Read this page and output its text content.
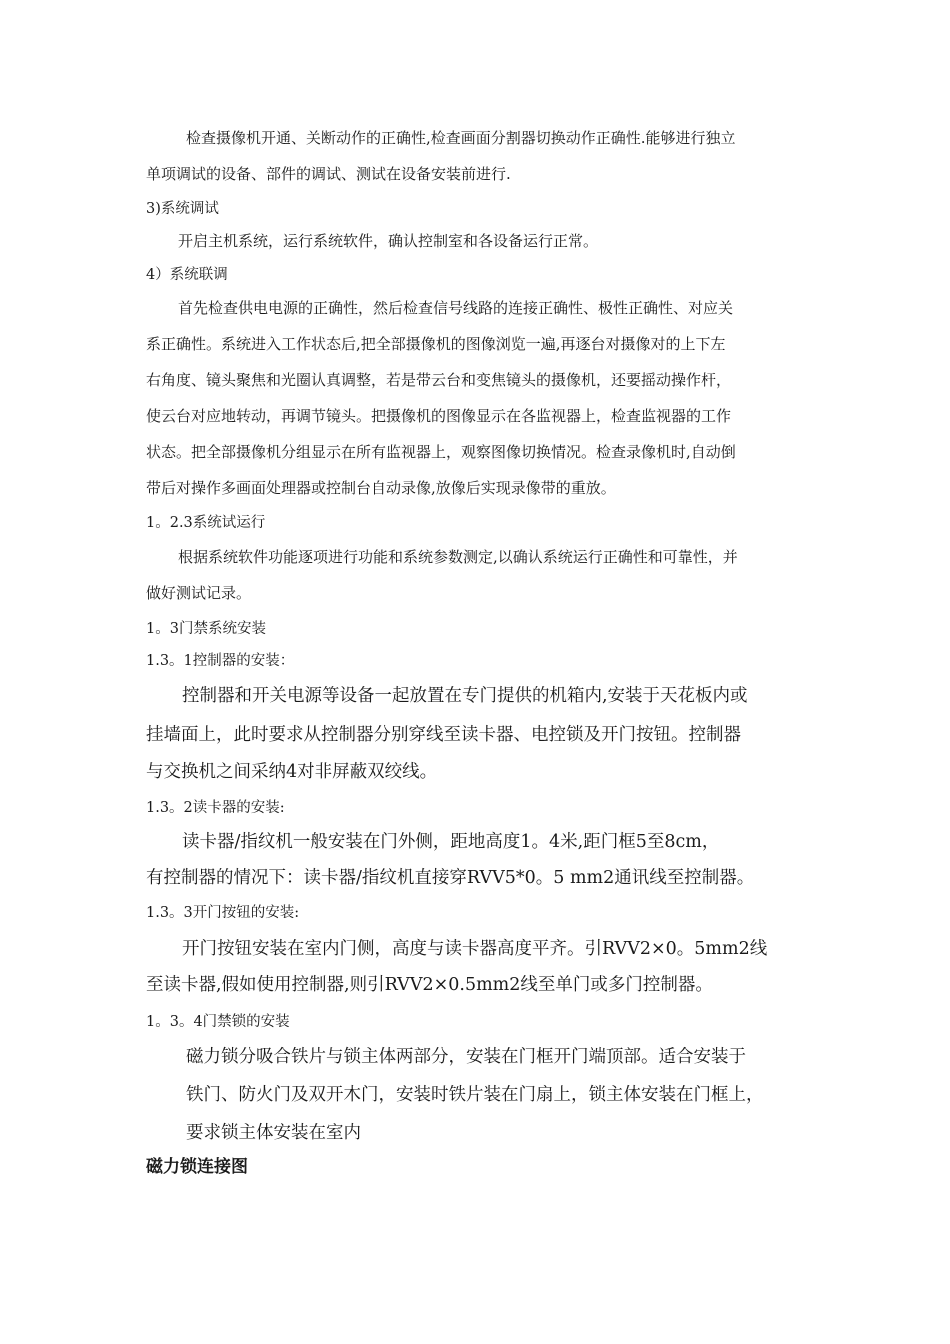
检查摄像机开通、关断动作的正确性,检查画面分割器切换动作正确性.能够进行独立
单项调试的设备、部件的调试、测试在设备安装前进行.
3)系统调试
开启主机系统，运行系统软件，确认控制室和各设备运行正常。
4）系统联调
首先检查供电电源的正确性，然后检查信号线路的连接正确性、极性正确性、对应关
系正确性。系统进入工作状态后,把全部摄像机的图像浏览一遍,再逐台对摄像对的上下左
右角度、镜头聚焦和光圈认真调整，若是带云台和变焦镜头的摄像机，还要摇动操作杆，
使云台对应地转动，再调节镜头。把摄像机的图像显示在各监视器上，检查监视器的工作
状态。把全部摄像机分组显示在所有监视器上，观察图像切换情况。检查录像机时,自动倒
带后对操作多画面处理器或控制台自动录像,放像后实现录像带的重放。
1。2.3系统试运行
根据系统软件功能逐项进行功能和系统参数测定,以确认系统运行正确性和可靠性，并
做好测试记录。
1。3门禁系统安装
1.3。1控制器的安装：
控制器和开关电源等设备一起放置在专门提供的机箱内,安装于天花板内或
挂墙面上，此时要求从控制器分别穿线至读卡器、电控锁及开门按钮。控制器
与交换机之间采纳4对非屏蔽双绞线。
1.3。2读卡器的安装:
读卡器/指纹机一般安装在门外侧，距地高度1。4米,距门框5至8cm，
有控制器的情况下：读卡器/指纹机直接穿RVV5*0。5 mm2通讯线至控制器。
1.3。3开门按钮的安装:
开门按钮安装在室内门侧，高度与读卡器高度平齐。引RVV2×0。5mm2线
至读卡器,假如使用控制器,则引RVV2×0.5mm2线至单门或多门控制器。
1。3。4门禁锁的安装
磁力锁分吸合铁片与锁主体两部分，安装在门框开门端顶部。适合安装于
铁门、防火门及双开木门，安装时铁片装在门扇上，锁主体安装在门框上，
要求锁主体安装在室内
磁力锁连接图
